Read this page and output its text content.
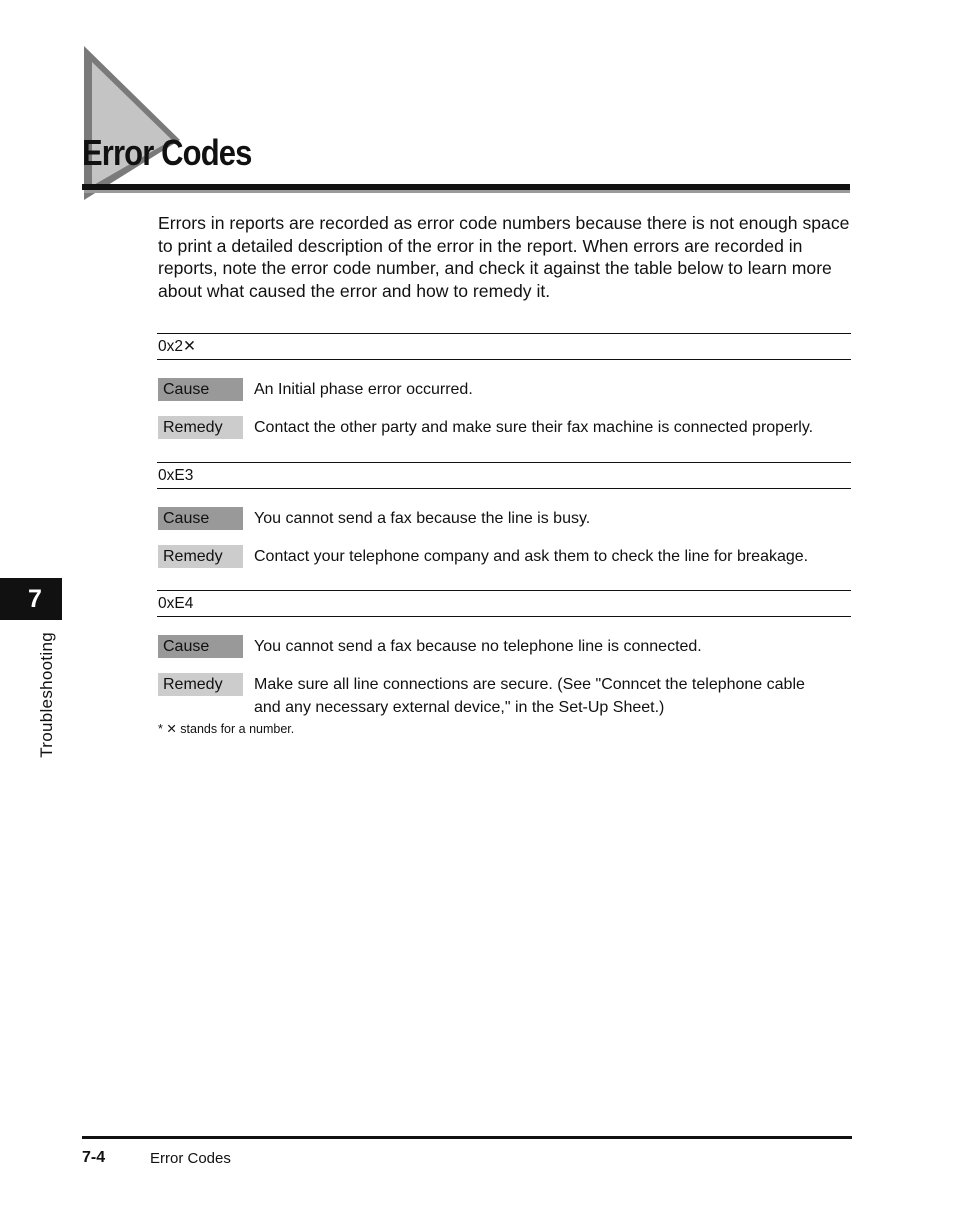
Error Codes

Errors in reports are recorded as error code numbers because there is not enough space to print a detailed description of the error in the report. When errors are recorded in reports, note the error code number, and check it against the table below to learn more about what caused the error and how to remedy it.

0x2✕
Cause	An Initial phase error occurred.

Remedy	Contact the other party and make sure their fax machine is connected properly.

0xE3
Cause	You cannot send a fax because the line is busy.

Remedy	Contact your telephone company and ask them to check the line for breakage.

0xE4
Cause	You cannot send a fax because no telephone line is connected.

Remedy	Make sure all line connections are secure. (See "Conncet the telephone cable
and any necessary external device," in the Set-Up Sheet.)
* ✕ stands for a number.
7
Troubleshooting
7-4	Error Codes
